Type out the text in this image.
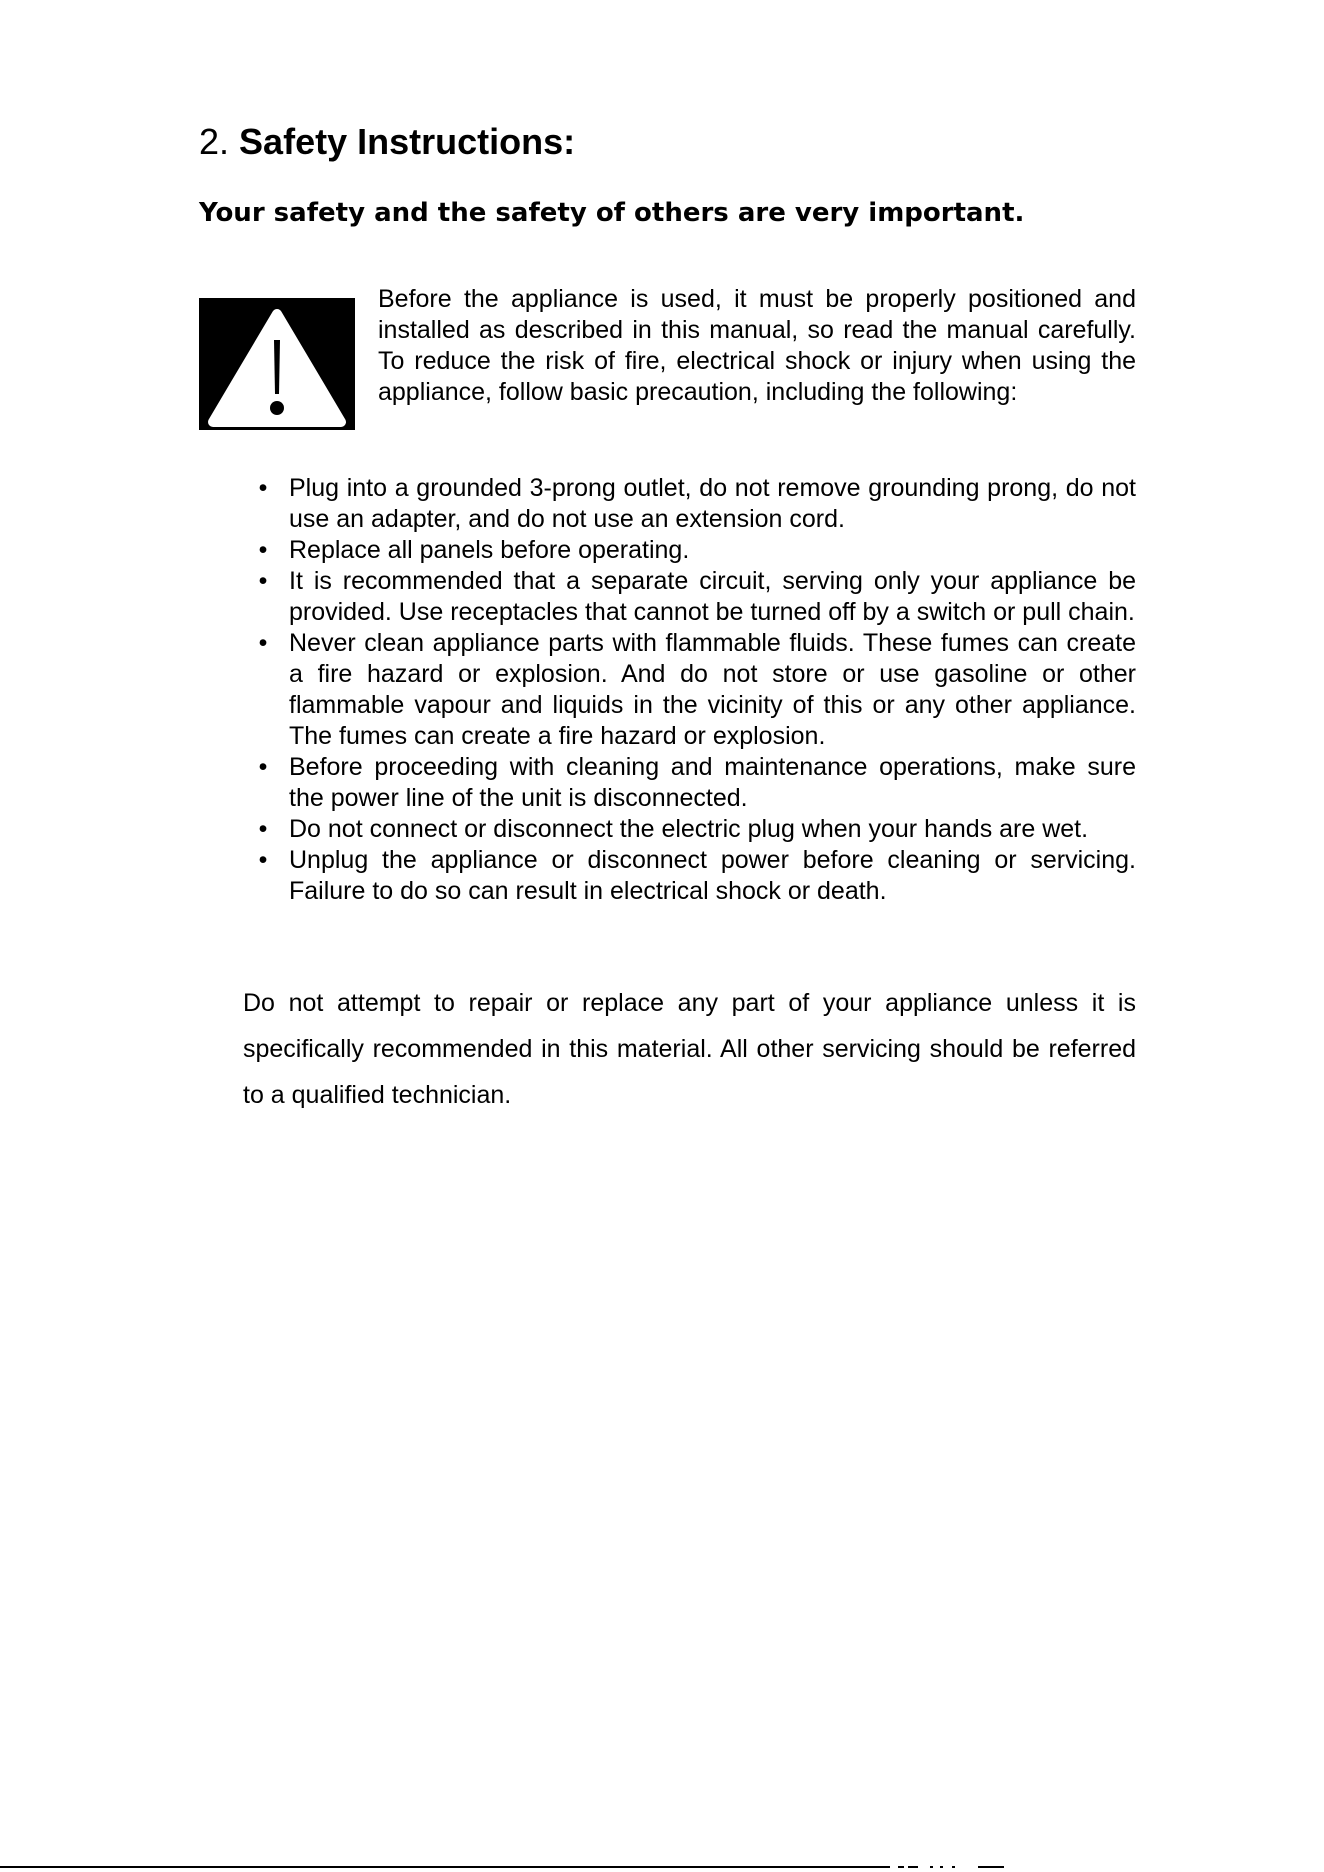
2. Safety Instructions:
Your safety and the safety of others are very important.

Before the appliance is used, it must be properly positioned and installed as described in this manual, so read the manual carefully. To reduce the risk of fire, electrical shock or injury when using the appliance, follow basic precaution, including the following:

• Plug into a grounded 3-prong outlet, do not remove grounding prong, do not use an adapter, and do not use an extension cord.
• Replace all panels before operating.
• It is recommended that a separate circuit, serving only your appliance be provided. Use receptacles that cannot be turned off by a switch or pull chain.
• Never clean appliance parts with flammable fluids. These fumes can create a fire hazard or explosion. And do not store or use gasoline or other flammable vapour and liquids in the vicinity of this or any other appliance. The fumes can create a fire hazard or explosion.
• Before proceeding with cleaning and maintenance operations, make sure the power line of the unit is disconnected.
• Do not connect or disconnect the electric plug when your hands are wet.
• Unplug the appliance or disconnect power before cleaning or servicing. Failure to do so can result in electrical shock or death.

Do not attempt to repair or replace any part of your appliance unless it is specifically recommended in this material. All other servicing should be referred to a qualified technician.
